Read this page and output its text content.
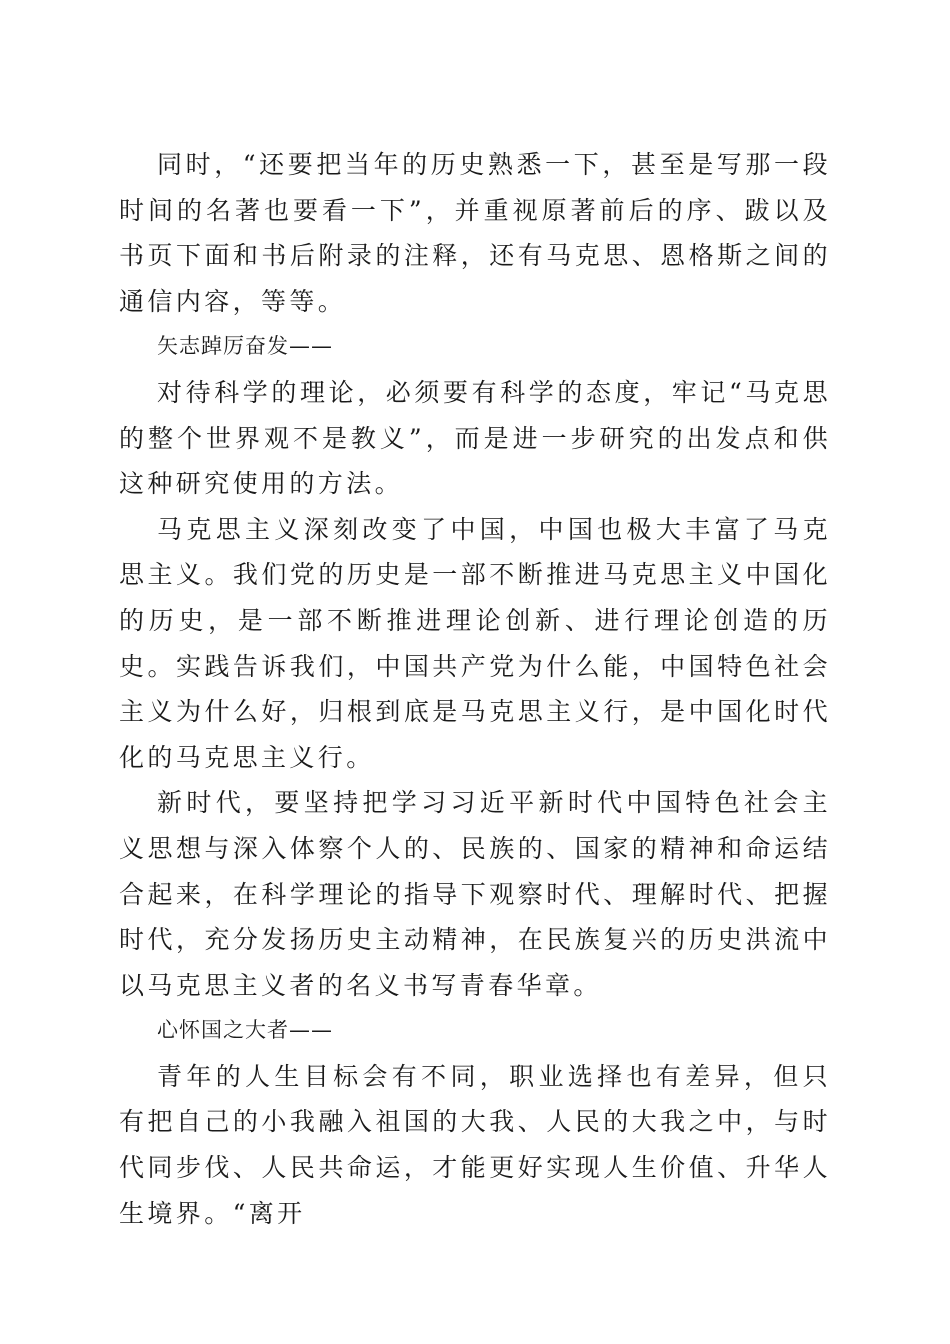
同时，“还要把当年的历史熟悉一下，甚至是写那一段时间的名著也要看一下”，并重视原著前后的序、跋以及书页下面和书后附录的注释，还有马克思、恩格斯之间的通信内容，等等。

矢志踔厉奋发——

对待科学的理论，必须要有科学的态度，牢记“马克思的整个世界观不是教义”，而是进一步研究的出发点和供这种研究使用的方法。

马克思主义深刻改变了中国，中国也极大丰富了马克思主义。我们党的历史是一部不断推进马克思主义中国化的历史，是一部不断推进理论创新、进行理论创造的历史。实践告诉我们，中国共产党为什么能，中国特色社会主义为什么好，归根到底是马克思主义行，是中国化时代化的马克思主义行。

新时代，要坚持把学习习近平新时代中国特色社会主义思想与深入体察个人的、民族的、国家的精神和命运结合起来，在科学理论的指导下观察时代、理解时代、把握时代，充分发扬历史主动精神，在民族复兴的历史洪流中以马克思主义者的名义书写青春华章。

心怀国之大者——

青年的人生目标会有不同，职业选择也有差异，但只有把自己的小我融入祖国的大我、人民的大我之中，与时代同步伐、人民共命运，才能更好实现人生价值、升华人生境界。“离开
